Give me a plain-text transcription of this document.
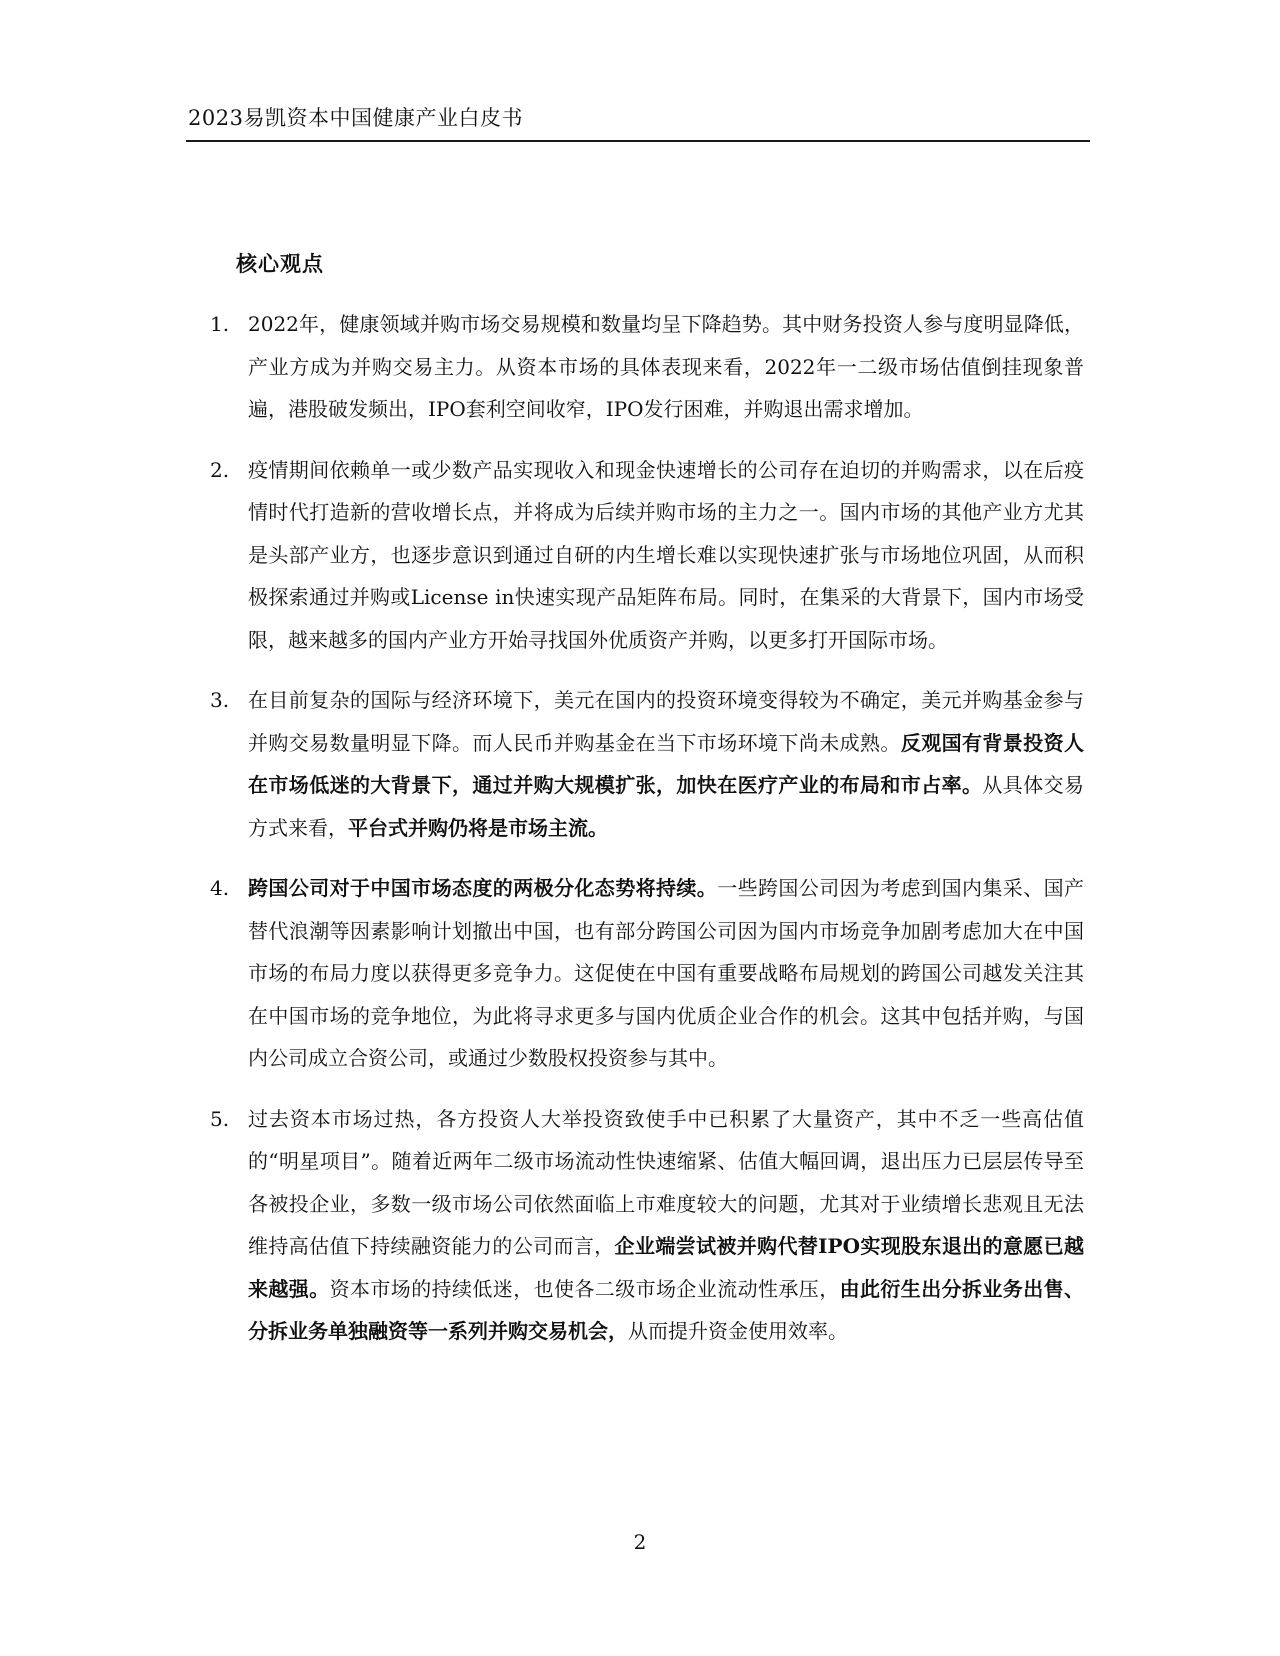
2023易凯资本中国健康产业白皮书
核心观点
1. 2022年，健康领域并购市场交易规模和数量均呈下降趋势。其中财务投资人参与度明显降低，产业方成为并购交易主力。从资本市场的具体表现来看，2022年一二级市场估值倒挂现象普遍，港股破发频出，IPO套利空间收窄，IPO发行困难，并购退出需求增加。
2. 疫情期间依赖单一或少数产品实现收入和现金快速增长的公司存在迫切的并购需求，以在后疫情时代打造新的营收增长点，并将成为后续并购市场的主力之一。国内市场的其他产业方尤其是头部产业方，也逐步意识到通过自研的内生增长难以实现快速扩张与市场地位巩固，从而积极探索通过并购或License in快速实现产品矩阵布局。同时，在集采的大背景下，国内市场受限，越来越多的国内产业方开始寻找国外优质资产并购，以更多打开国际市场。
3. 在目前复杂的国际与经济环境下，美元在国内的投资环境变得较为不确定，美元并购基金参与并购交易数量明显下降。而人民币并购基金在当下市场环境下尚未成熟。反观国有背景投资人在市场低迷的大背景下，通过并购大规模扩张，加快在医疗产业的布局和市占率。从具体交易方式来看，平台式并购仍将是市场主流。
4. 跨国公司对于中国市场态度的两极分化态势将持续。一些跨国公司因为考虑到国内集采、国产替代浪潮等因素影响计划撤出中国，也有部分跨国公司因为国内市场竞争加剧考虑加大在中国市场的布局力度以获得更多竞争力。这促使在中国有重要战略布局规划的跨国公司越发关注其在中国市场的竞争地位，为此将寻求更多与国内优质企业合作的机会。这其中包括并购，与国内公司成立合资公司，或通过少数股权投资参与其中。
5. 过去资本市场过热，各方投资人大举投资致使手中已积累了大量资产，其中不乏一些高估值的“明星项目”。随着近两年二级市场流动性快速缩紧、估值大幅回调，退出压力已层层传导至各被投企业，多数一级市场公司依然面临上市难度较大的问题，尤其对于业绩增长悲观且无法维持高估值下持续融资能力的公司而言，企业端尝试被并购代替IPO实现股东退出的意愿已越来越强。资本市场的持续低迷，也使各二级市场企业流动性承压，由此衍生出分拆业务出售、分拆业务单独融资等一系列并购交易机会，从而提升资金使用效率。
2
